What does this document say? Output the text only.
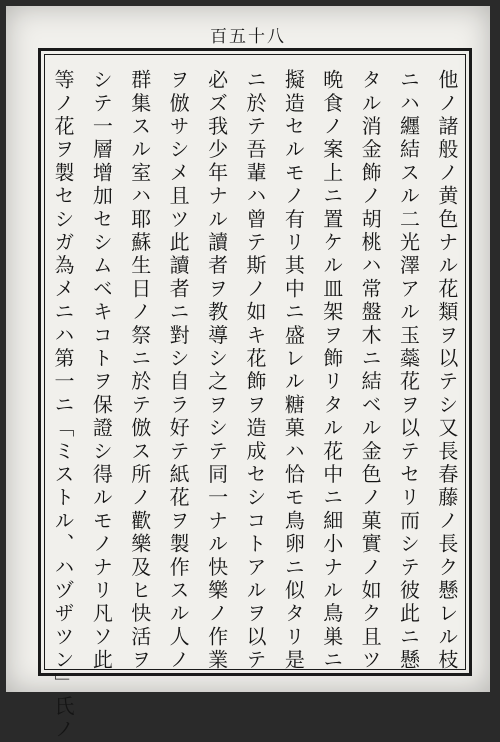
百五十八
他ノ諸般ノ黄色ナル花類ヲ以テシ又長春藤ノ長ク懸レル枝
ニハ纒結スル二光澤アル玉蘂花ヲ以テセリ而シテ彼此ニ懸
タル消金飾ノ胡桃ハ常盤木ニ結ベル金色ノ菓實ノ如ク且ツ
晩食ノ案上ニ置ケル皿架ヲ飾リタル花中ニ細小ナル鳥巣ニ
擬造セルモノ有リ其中ニ盛レル糖菓ハ恰モ鳥卵ニ似タリ是
ニ於テ吾輩ハ曾テ斯ノ如キ花飾ヲ造成セシコトアルヲ以テ
必ズ我少年ナル讀者ヲ教導シ之ヲシテ同一ナル快樂ノ作業
ヲ倣サシメ且ツ此讀者ニ對シ自ラ好テ紙花ヲ製作スル人ノ
群集スル室ハ耶蘇生日ノ祭ニ於テ倣ス所ノ歡樂及ヒ快活ヲ
シテ一層增加セシムベキコトヲ保證シ得ルモノナリ凡ソ此
等ノ花ヲ製セシガ為メニハ第一ニ「ミストル、ハヅザツン」氏ノ
